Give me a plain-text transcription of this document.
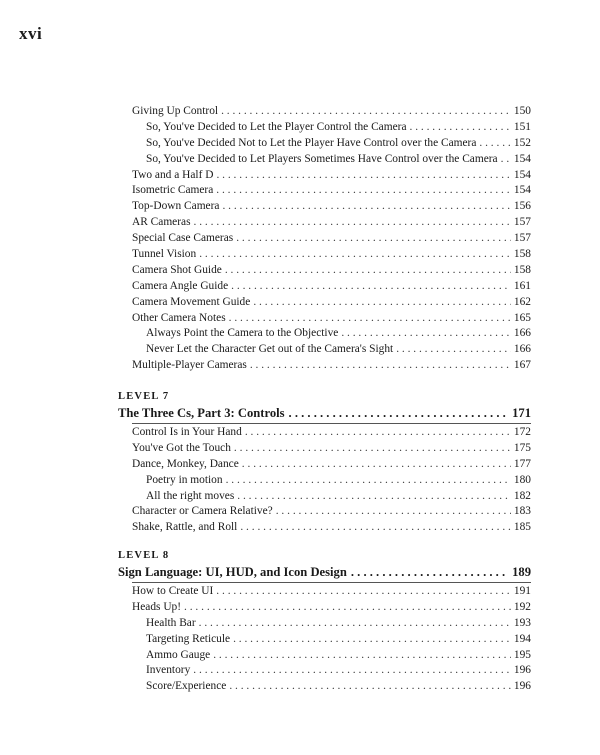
xvi
Giving Up Control . . .	150
So, You've Decided to Let the Player Control the Camera . . .	151
So, You've Decided Not to Let the Player Have Control over the Camera . . .	152
So, You've Decided to Let Players Sometimes Have Control over the Camera . . . 154
Two and a Half D . . .	154
Isometric Camera . . .	154
Top-Down Camera . . .	156
AR Cameras . . .	157
Special Case Cameras . . .	157
Tunnel Vision . . .	158
Camera Shot Guide . . .	158
Camera Angle Guide . . .	161
Camera Movement Guide . . .	162
Other Camera Notes . . .	165
Always Point the Camera to the Objective . . .	166
Never Let the Character Get out of the Camera's Sight . . .	166
Multiple-Player Cameras . . .	167
LEVEL 7
The Three Cs, Part 3: Controls . . .	171
Control Is in Your Hand . . .	172
You've Got the Touch . . .	175
Dance, Monkey, Dance . . .	177
Poetry in motion . . .	180
All the right moves . . .	182
Character or Camera Relative? . . .	183
Shake, Rattle, and Roll . . .	185
LEVEL 8
Sign Language: UI, HUD, and Icon Design . . .	189
How to Create UI . . .	191
Heads Up! . . .	192
Health Bar . . .	193
Targeting Reticule . . .	194
Ammo Gauge . . .	195
Inventory . . .	196
Score/Experience . . .	196
